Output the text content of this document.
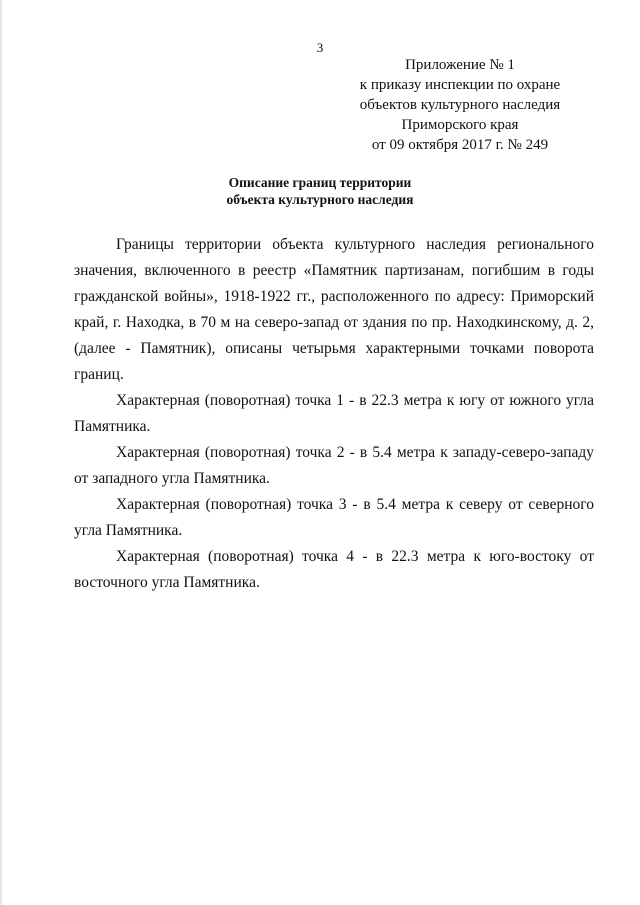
3
Приложение № 1
к приказу инспекции по охране
объектов культурного наследия
Приморского края
от 09 октября 2017 г. № 249
Описание границ территории
объекта культурного наследия

Границы территории объекта культурного наследия регионального значения, включенного в реестр «Памятник партизанам, погибшим в годы гражданской войны», 1918-1922 гг., расположенного по адресу: Приморский край, г. Находка, в 70 м на северо-запад от здания по пр. Находкинскому, д. 2, (далее - Памятник), описаны четырьмя характерными точками поворота границ.

Характерная (поворотная) точка 1 - в 22.3 метра к югу от южного угла Памятника.

Характерная (поворотная) точка 2 - в 5.4 метра к западу-северо-западу от западного угла Памятника.

Характерная (поворотная) точка 3 - в 5.4 метра к северу от северного угла Памятника.

Характерная (поворотная) точка 4 - в 22.3 метра к юго-востоку от восточного угла Памятника.
